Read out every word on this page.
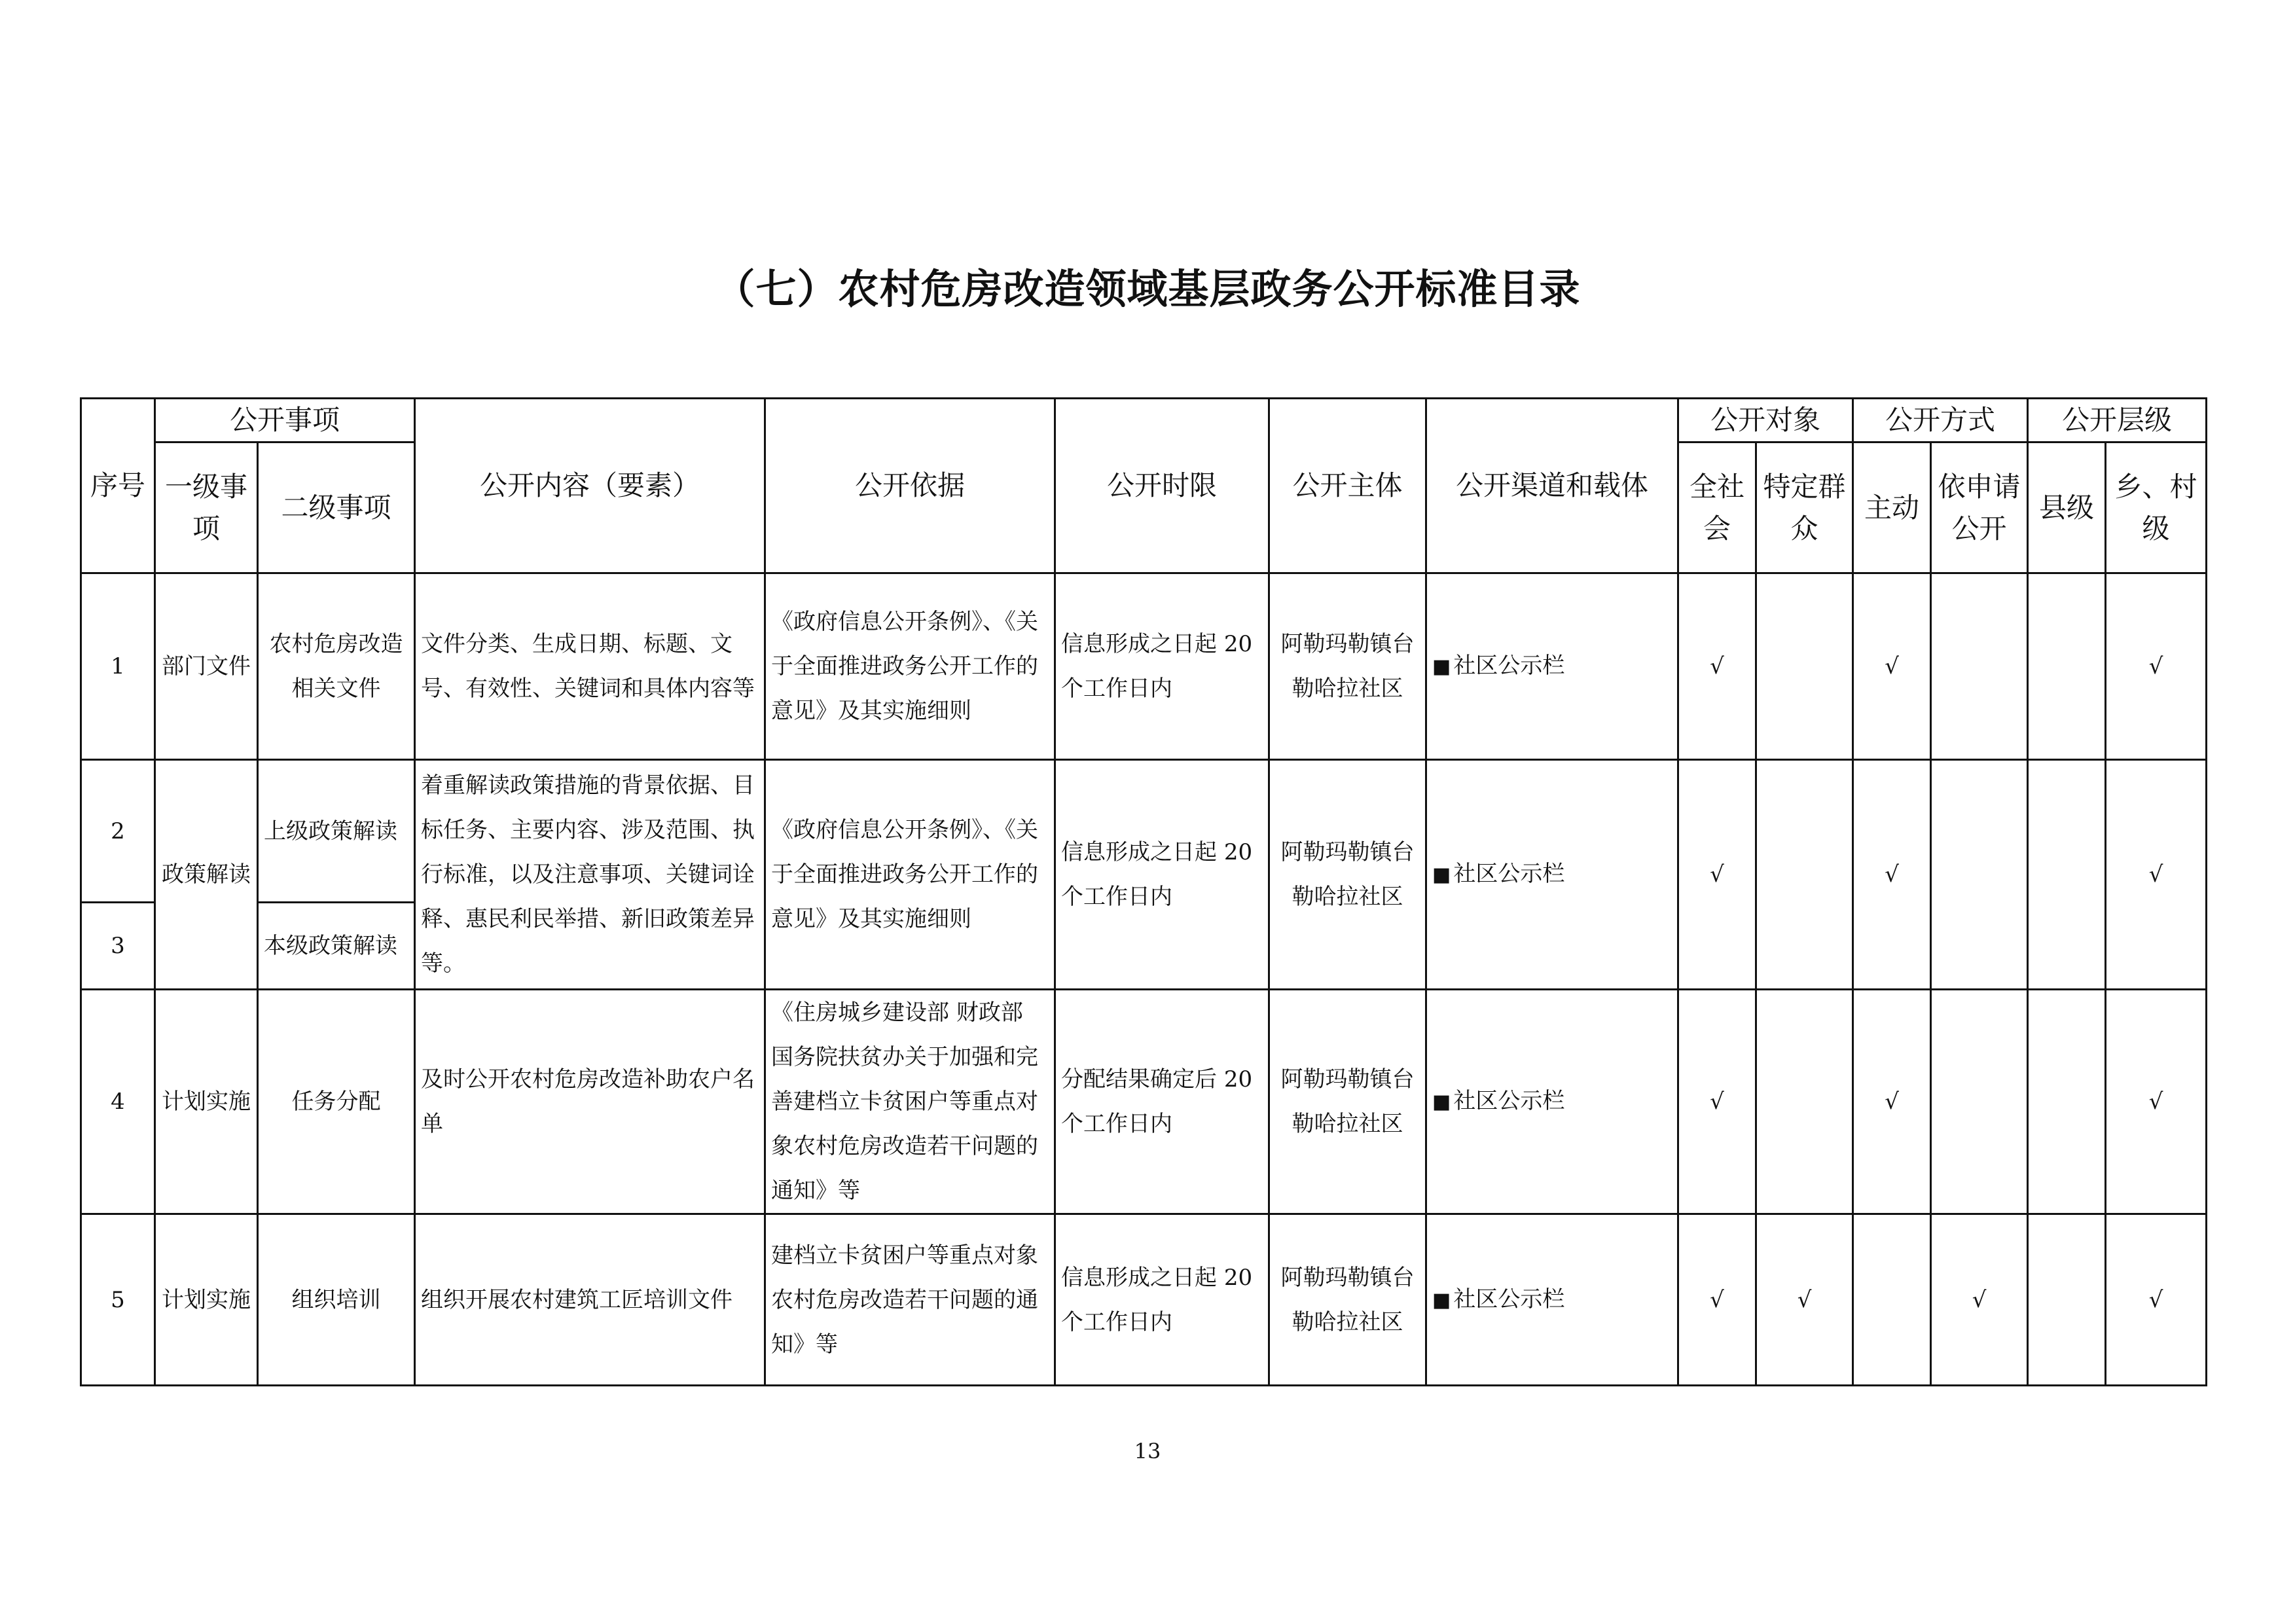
（七）农村危房改造领域基层政务公开标准目录
序号	公开事项		公开内容（要素）	公开依据	公开时限	公开主体	公开渠道和载体	公开对象		公开方式		公开层级	
	一级事项	二级事项						全社会	特定群众	主动	依申请公开	县级	乡、村级
1	部门文件	农村危房改造相关文件	文件分类、生成日期、标题、文号、有效性、关键词和具体内容等	《政府信息公开条例》、《关于全面推进政务公开工作的意见》及其实施细则	信息形成之日起 20 个工作日内	阿勒玛勒镇台勒哈拉社区	■ 社区公示栏	√		√			√
2	政策解读	上级政策解读	着重解读政策措施的背景依据、目标任务、主要内容、涉及范围、执行标准，以及注意事项、关键词诠释、惠民利民举措、新旧政策差异等。	《政府信息公开条例》、《关于全面推进政务公开工作的意见》及其实施细则	信息形成之日起 20 个工作日内	阿勒玛勒镇台勒哈拉社区	■ 社区公示栏	√		√			√
3		本级政策解读											
4	计划实施	任务分配	及时公开农村危房改造补助农户名单	《住房城乡建设部 财政部 国务院扶贫办关于加强和完善建档立卡贫困户等重点对象农村危房改造若干问题的通知》等	分配结果确定后 20 个工作日内	阿勒玛勒镇台勒哈拉社区	■ 社区公示栏	√		√			√
5	计划实施	组织培训	组织开展农村建筑工匠培训文件	建档立卡贫困户等重点对象农村危房改造若干问题的通知》等	信息形成之日起 20 个工作日内	阿勒玛勒镇台勒哈拉社区	■ 社区公示栏	√	√		√		√
13
